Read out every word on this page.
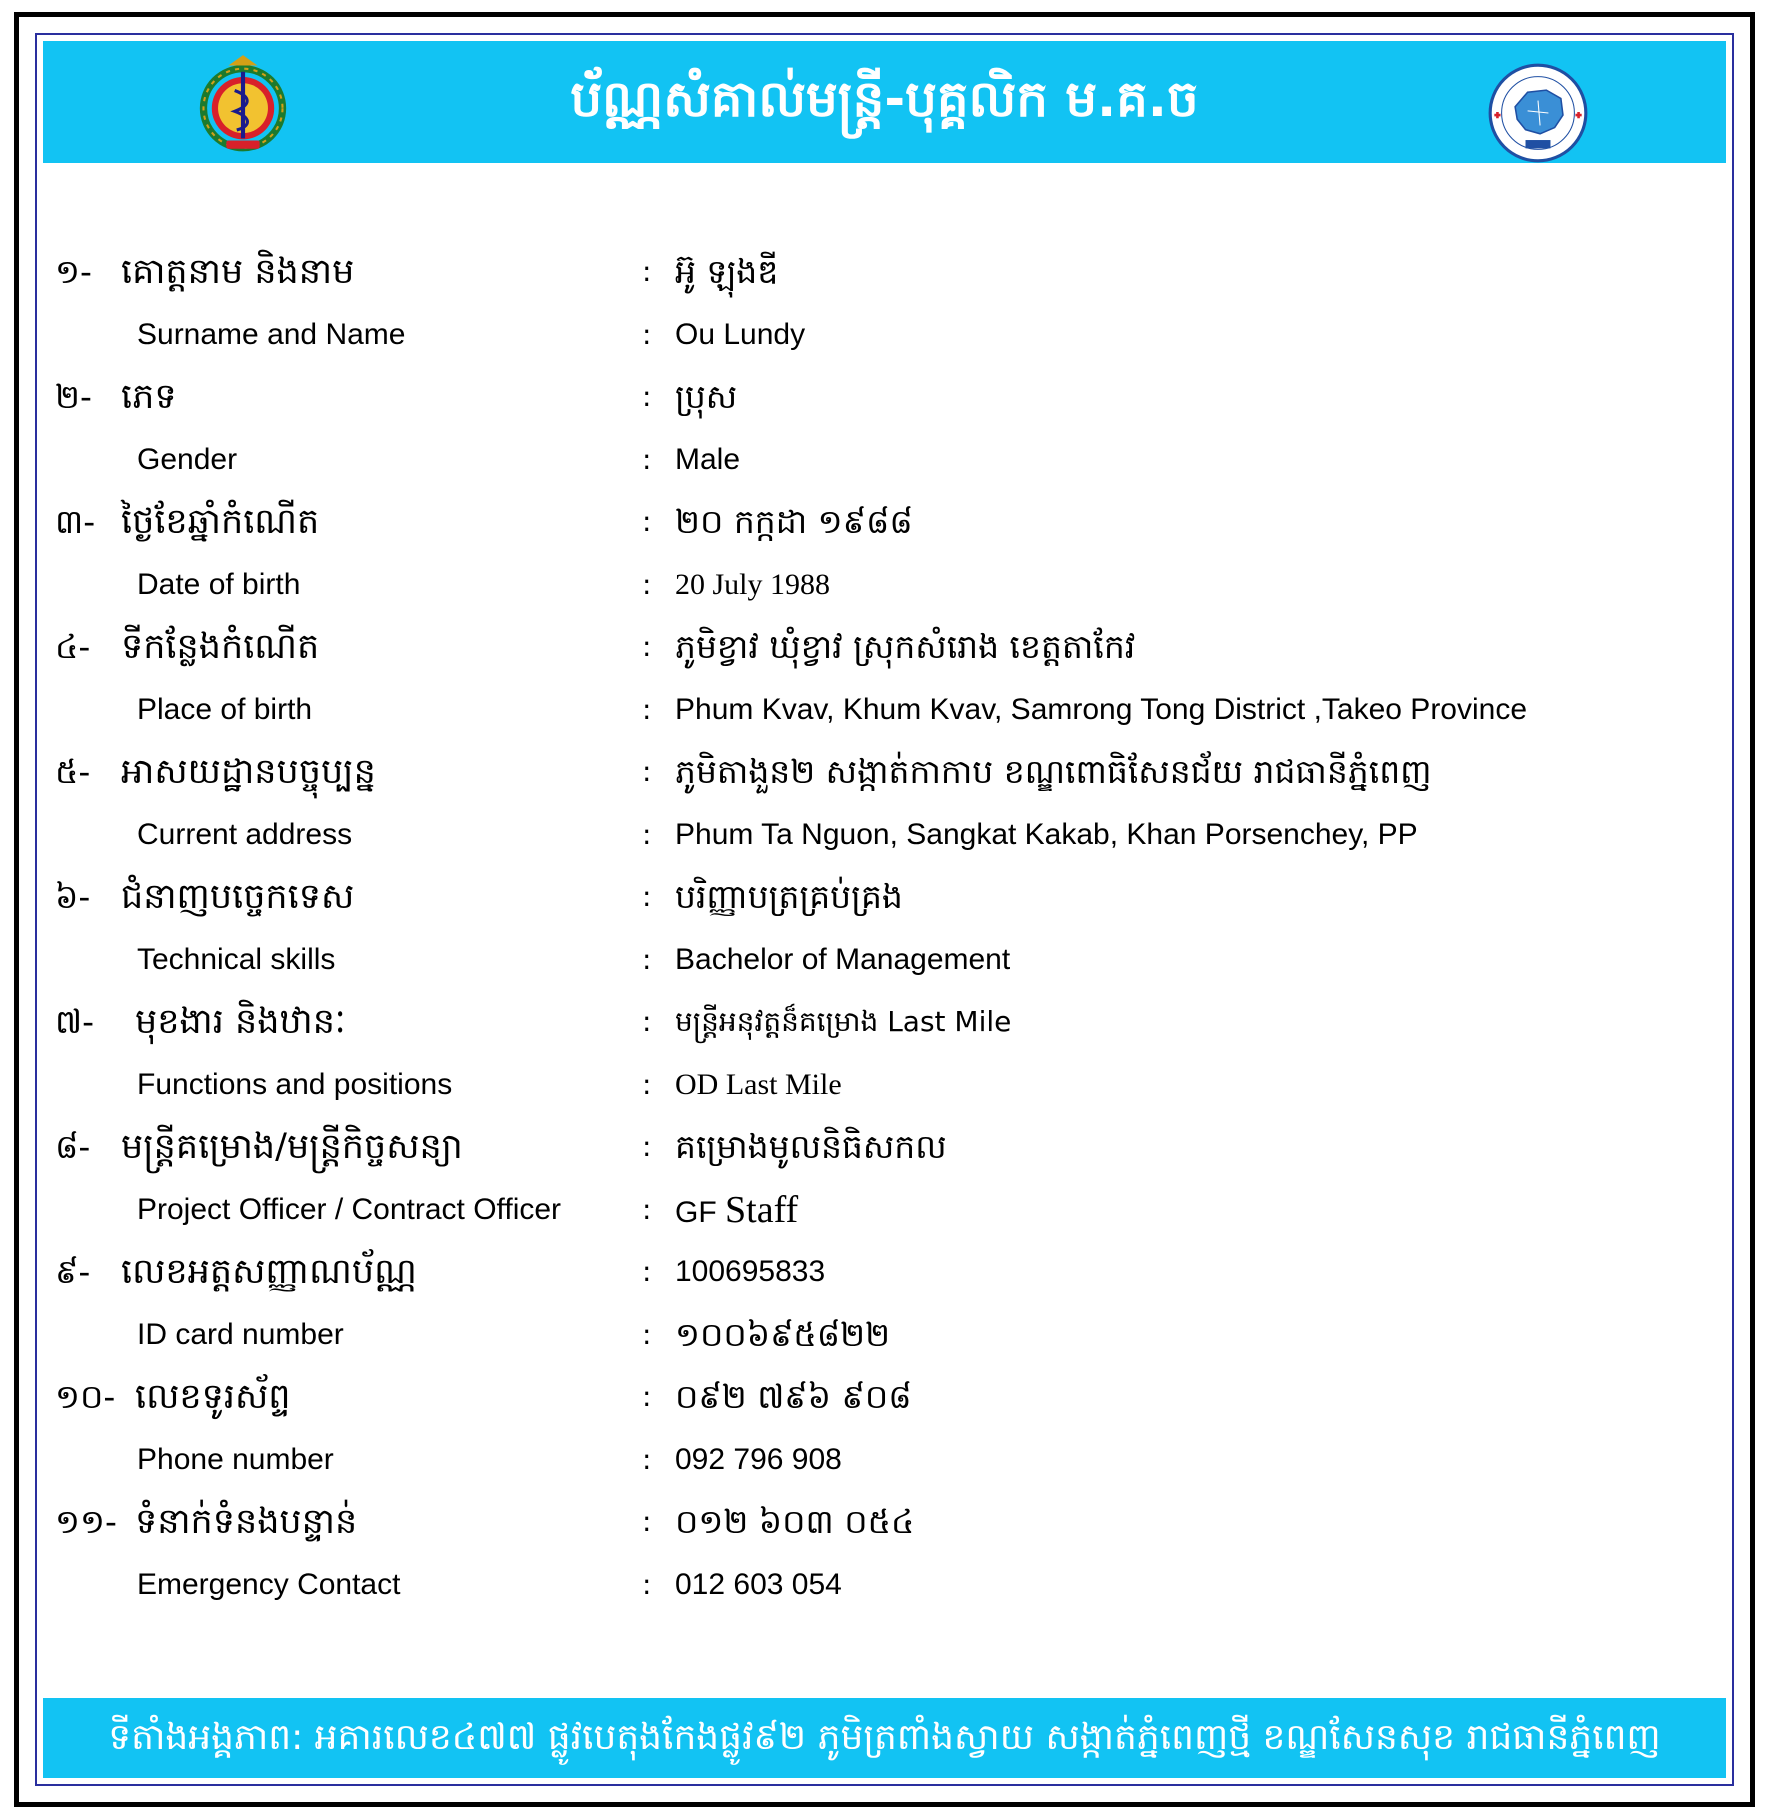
ប័ណ្ណសំគាល់មន្ត្រី-បុគ្គលិក ម.គ.ច
១- គោត្តនាម និងនាម	: អ៊ូ ឡុងឌី
Surname and Name	: Ou Lundy
២- ភេទ	: ប្រុស
Gender	: Male
៣- ថ្ងៃខែឆ្នាំកំណើត	: ២០ កក្កដា ១៩៨៨
Date of birth	: 20 July 1988
៤- ទីកន្លែងកំណើត	: ភូមិខ្វាវ ឃុំខ្វាវ ស្រុកសំរោង ខេត្តតាកែវ
Place of birth	: Phum Kvav, Khum Kvav, Samrong Tong District ,Takeo Province
៥- អាសយដ្ឋានបច្ចុប្បន្ន	: ភូមិតាងួន២ សង្កាត់កាកាប ខណ្ឌពោធិសែនជ័យ រាជធានីភ្នំពេញ
Current address	: Phum Ta Nguon, Sangkat Kakab, Khan Porsenchey, PP
៦- ជំនាញបច្ចេកទេស	: បរិញ្ញាបត្រគ្រប់គ្រង
Technical skills	: Bachelor of Management
៧- មុខងារ និងឋានៈ	: មន្ត្រីអនុវត្តន៏គម្រោង Last Mile
Functions and positions	: OD Last Mile
៨- មន្ត្រីគម្រោង/មន្ត្រីកិច្ចសន្យា	: គម្រោងមូលនិធិសកល
Project Officer / Contract Officer	: GF Staff
៩- លេខអត្តសញ្ញាណប័ណ្ណ	: 100695833
ID card number	: ១០០៦៩៥៨២២
១០- លេខទូរស័ព្ទ	: ០៩២ ៧៩៦ ៩០៨
Phone number	: 092 796 908
១១- ទំនាក់ទំនងបន្ទាន់	: ០១២ ៦០៣ ០៥៤
Emergency Contact	: 012 603 054
ទីតាំងអង្គភាព: អគារលេខ៤៧៧ ផ្លូវបេតុងកែងផ្លូវ៩២ ភូមិត្រពាំងស្វាយ សង្កាត់ភ្នំពេញថ្មី ខណ្ឌសែនសុខ រាជធានីភ្នំពេញ
